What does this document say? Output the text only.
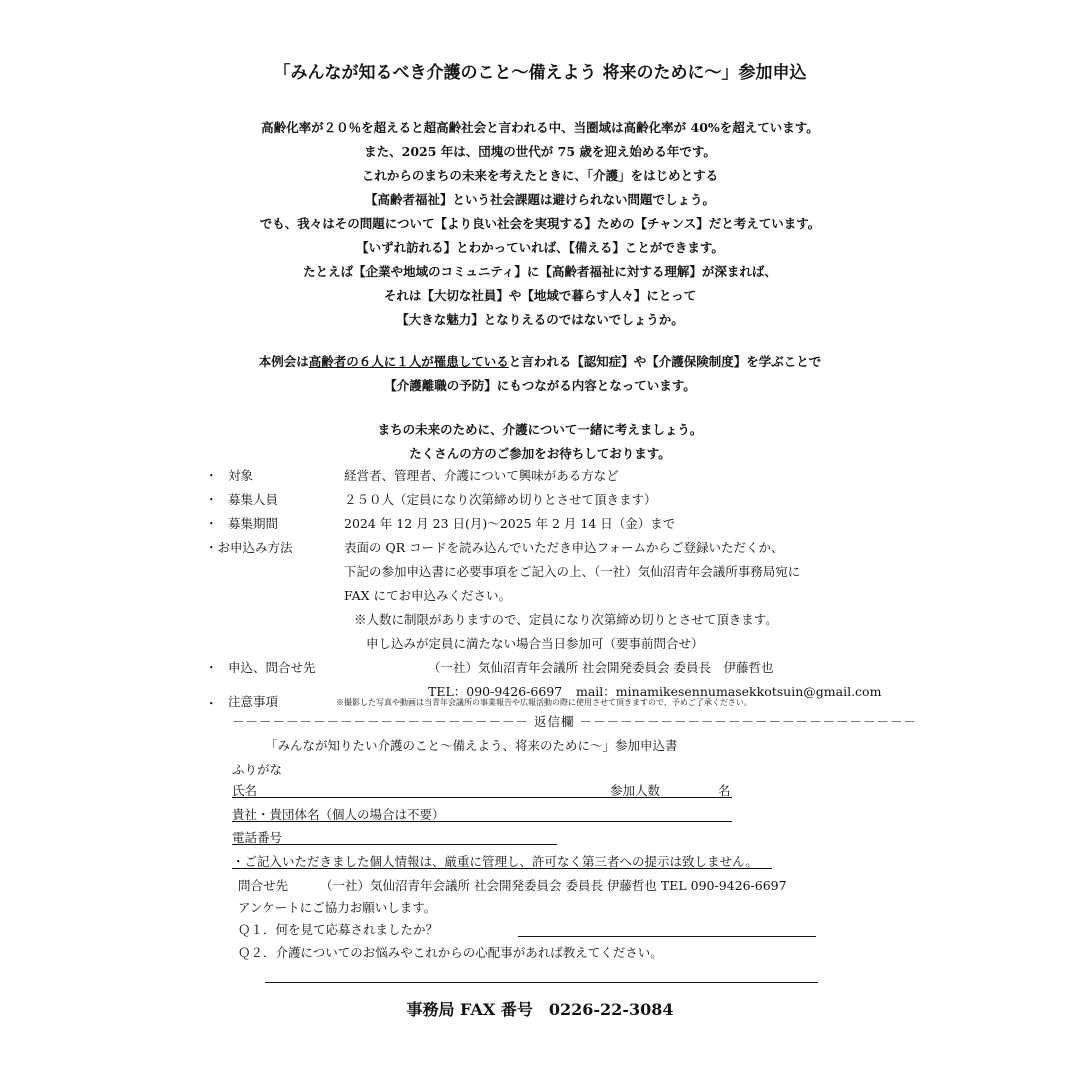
「みんなが知るべき介護のこと〜備えよう 将来のために〜」参加申込
高齢化率が２０％を超えると超高齢社会と言われる中、当圏域は高齢化率が 40%を超えています。
また、2025 年は、団塊の世代が 75 歳を迎え始める年です。
これからのまちの未来を考えたときに、「介護」をはじめとする
【高齢者福祉】という社会課題は避けられない問題でしょう。
でも、我々はその問題について【より良い社会を実現する】ための【チャンス】だと考えています。
【いずれ訪れる】とわかっていれば、【備える】ことができます。
たとえば【企業や地域のコミュニティ】に【高齢者福祉に対する理解】が深まれば、
それは【大切な社員】や【地域で暮らす人々】にとって
【大きな魅力】となりえるのではないでしょうか。
本例会は高齢者の６人に１人が罹患していると言われる【認知症】や【介護保険制度】を学ぶことで
【介護離職の予防】にもつながる内容となっています。
まちの未来のために、介護について一緒に考えましょう。
たくさんの方のご参加をお待ちしております。
・ 対象	経営者、管理者、介護について興味がある方など
・ 募集人員	２５０人（定員になり次第締め切りとさせて頂きます）
・ 募集期間	2024 年 12 月 23 日(月)〜2025 年 2 月 14 日（金）まで
・お申込み方法	表面の QR コードを読み込んでいただき申込フォームからご登録いただくか、
下記の参加申込書に必要事項をご記入の上、（一社）気仙沼青年会議所事務局宛に
FAX にてお申込みください。
※人数に制限がありますので、定員になり次第締め切りとさせて頂きます。
申し込みが定員に満たない場合当日参加可（要事前問合せ）
・ 申込、問合せ先	（一社）気仙沼青年会議所 社会開発委員会 委員長　伊藤哲也
TEL：090-9426-6697 mail：minamikesennumasekkotsuin@gmail.com
・ 注意事項	※撮影した写真や動画は当青年会議所の事業報告や広報活動の際に使用させて頂きますので、予めご了承ください。
－－－－－－－－－－－－－－－－－－－－－－ 返信欄 －－－－－－－－－－－－－－－－－－－－－－－－－
「みんなが知りたい介護のこと〜備えよう、将来のために〜」参加申込書
ふりがな
氏名	参加人数	名
貴社・貴団体名（個人の場合は不要）
電話番号
・ご記入いただきました個人情報は、厳重に管理し、許可なく第三者への提示は致しません。
問合せ先	（一社）気仙沼青年会議所 社会開発委員会 委員長 伊藤哲也 TEL 090-9426-6697
アンケートにご協力お願いします。
Ｑ１．何を見て応募されましたか？
Ｑ２．介護についてのお悩みやこれからの心配事があれば教えてください。
事務局 FAX 番号　0226-22-3084
